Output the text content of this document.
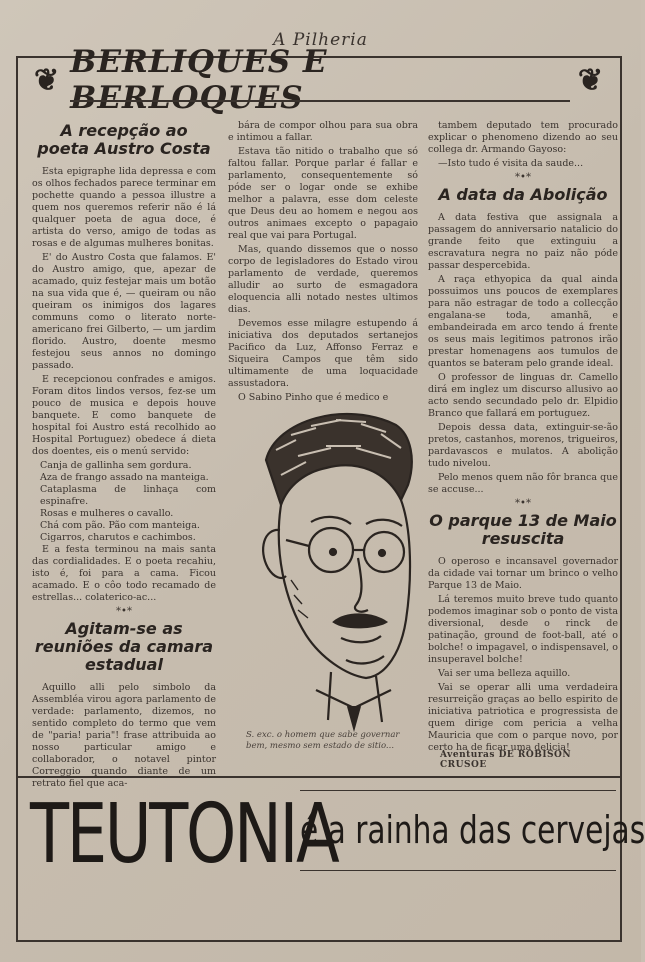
A Pilheria
❦ BERLIQUES E BERLOQUES	❦
A recepção ao poeta Austro Costa

Esta epigraphe lida depressa e com os olhos fechados parece terminar em pochette quando a pessoa illustre a quem nos queremos referir não é lá qualquer poeta de agua doce, é artista do verso, amigo de todas as rosas e de algumas mulheres bonitas.

E' do Austro Costa que falamos. E' do Austro amigo, que, apezar de acamado, quiz festejar mais um botão na sua vida que é, — queiram ou não queiram os inimigos dos lagares communs como o literato norte-americano frei Gilberto, — um jardim florido. Austro, doente mesmo festejou seus annos no domingo passado.

E recepcionou confrades e amigos. Foram ditos lindos versos, fez-se um pouco de musica e depois houve banquete. E como banquete de hospital foi Austro está recolhido ao Hospital Portuguez) obedece á dieta dos doentes, eis o menú servido:

Canja de gallinha sem gordura.

Aza de frango assado na manteiga.

Cataplasma de linhaça com espinafre.

Rosas e mulheres o cavallo.

Chá com pão. Pão com manteiga.

Cigarros, charutos e cachimbos.

E a festa terminou na mais santa das cordialidades. E o poeta recahiu, isto é, foi para a cama. Ficou acamado. E o côo todo recamado de estrellas... colaterico-ac...

*•*
Agitam-se as reuniões da camara estadual

Aquillo alli pelo simbolo da Assembléa virou agora parlamento de verdade: parlamento, dizemos, no sentido completo do termo que vem de "paria! paria"! frase attribuida ao nosso particular amigo e collaborador, o notavel pintor Correggio quando diante de um retrato fiel que aca-

bára de compor olhou para sua obra e intimou a fallar.

Estava tão nitido o trabalho que só faltou fallar. Porque parlar é fallar e parlamento, consequentemente só póde ser o logar onde se exhibe melhor a palavra, esse dom celeste que Deus deu ao homem e negou aos outros animaes excepto o papagaio real que vai para Portugal.

Mas, quando dissemos que o nosso corpo de legisladores do Estado virou parlamento de verdade, queremos alludir ao surto de esmagadora eloquencia alli notado nestes ultimos dias.

Devemos esse milagre estupendo á iniciativa dos deputados sertanejos Pacifico da Luz, Affonso Ferraz e Siqueira Campos que têm sido ultimamente de uma loquacidade assustadora.

O Sabino Pinho que é medico e

S. exc. o homem que sabe governar bem, mesmo sem estado de sitio...

tambem deputado tem procurado explicar o phenomeno dizendo ao seu collega dr. Armando Gayoso:

—Isto tudo é visita da saude...

*•*
A data da Abolição

A data festiva que assignala a passagem do anniversario natalicio do grande feito que extinguiu a escravatura negra no paiz não póde passar despercebida.

A raça ethyopica da qual ainda possuimos uns poucos de exemplares para não estragar de todo a collecção engalana-se toda, amanhã, e embandeirada em arco tendo á frente os seus mais legitimos patronos irão prestar homenagens aos tumulos de quantos se bateram pelo grande ideal.

O professor de linguas dr. Camello dirá em inglez um discurso allusivo ao acto sendo secundado pelo dr. Elpidio Branco que fallará em portuguez.

Depois dessa data, extinguir-se-ão pretos, castanhos, morenos, trigueiros, pardavascos e mulatos. A abolição tudo nivelou.

Pelo menos quem não fôr branca que se accuse...

*•*
O parque 13 de Maio resuscita

O operoso e incansavel governador da cidade vai tornar um brinco o velho Parque 13 de Maio.

Lá teremos muito breve tudo quanto podemos imaginar sob o ponto de vista diversional, desde o rinck de patinação, ground de foot-ball, até o bolche! o impagavel, o indispensavel, o insuperavel bolche!

Vai ser uma belleza aquillo.

Vai se operar alli uma verdadeira resurreição graças ao bello espirito de iniciativa patriotica e progressista de quem dirige com pericia a velha Mauricia que com o parque novo, por certo ha de ficar uma delicia!

Aventuras DE ROBISON CRUSOE
TEUTONIA
é a rainha das cervejas
